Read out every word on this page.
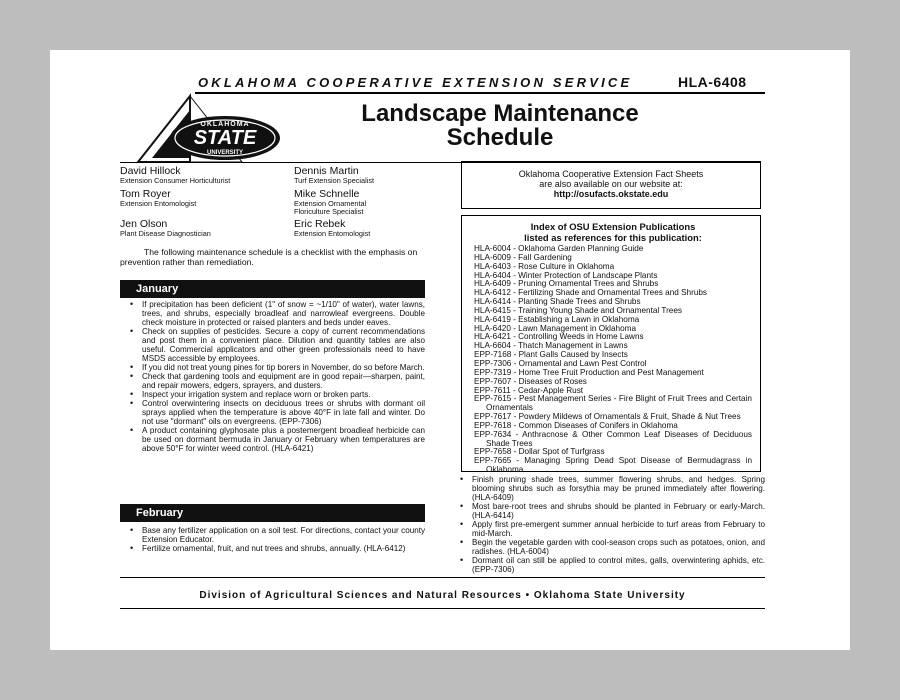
OKLAHOMA COOPERATIVE EXTENSION SERVICE	HLA-6408
OKLAHOMA
STATE
UNIVERSITY
Landscape Maintenance
Schedule
David Hillock
Extension Consumer Horticulturist
Tom Royer
Extension Entomologist
Jen Olson
Plant Disease Diagnostician
Dennis Martin
Turf Extension Specialist
Mike Schnelle
Extension Ornamental
Floriculture Specialist
Eric Rebek
Extension Entomologist
Oklahoma Cooperative Extension Fact Sheets
are also available on our website at:
http://osufacts.okstate.edu
Index of OSU Extension Publications
listed as references for this publication:
HLA-6004 - Oklahoma Garden Planning Guide
HLA-6009 - Fall Gardening
HLA-6403 - Rose Culture in Oklahoma
HLA-6404 - Winter Protection of Landscape Plants
HLA-6409 - Pruning Ornamental Trees and Shrubs
HLA-6412 - Fertilizing Shade and Ornamental Trees and Shrubs
HLA-6414 - Planting Shade Trees and Shrubs
HLA-6415 - Training Young Shade and Ornamental Trees
HLA-6419 - Establishing a Lawn in Oklahoma
HLA-6420 - Lawn Management in Oklahoma
HLA-6421 - Controlling Weeds in Home Lawns
HLA-6604 - Thatch Management in Lawns
EPP-7168 - Plant Galls Caused by Insects
EPP-7306 - Ornamental and Lawn Pest Control
EPP-7319 - Home Tree Fruit Production and Pest Management
EPP-7607 - Diseases of Roses
EPP-7611 - Cedar-Apple Rust
EPP-7615 - Pest Management Series - Fire Blight of Fruit Trees and Certain Ornamentals
EPP-7617 - Powdery Mildews of Ornamentals & Fruit, Shade & Nut Trees
EPP-7618 - Common Diseases of Conifers in Oklahoma
EPP-7634 - Anthracnose & Other Common Leaf Diseases of Deciduous Shade Trees
EPP-7658 - Dollar Spot of Turfgrass
EPP-7665 - Managing Spring Dead Spot Disease of Bermudagrass in Oklahoma
The following maintenance schedule is a checklist with the emphasis on prevention rather than remediation.
January
• If precipitation has been deficient (1" of snow = ~1/10" of water), water lawns, trees, and shrubs, especially broadleaf and narrowleaf evergreens. Double check moisture in protected or raised planters and beds under eaves.
• Check on supplies of pesticides. Secure a copy of current recommendations and post them in a convenient place. Dilution and quantity tables are also useful. Commercial applicators and other green professionals need to have MSDS accessible by employees.
• If you did not treat young pines for tip borers in November, do so before March.
• Check that gardening tools and equipment are in good repair—sharpen, paint, and repair mowers, edgers, sprayers, and dusters.
• Inspect your irrigation system and replace worn or broken parts.
• Control overwintering insects on deciduous trees or shrubs with dormant oil sprays applied when the temperature is above 40°F in late fall and winter. Do not use "dormant" oils on evergreens. (EPP-7306)
• A product containing glyphosate plus a postemergent broadleaf herbicide can be used on dormant bermuda in January or February when temperatures are above 50°F for winter weed control. (HLA-6421)
February
• Base any fertilizer application on a soil test. For directions, contact your county Extension Educator.
• Fertilize ornamental, fruit, and nut trees and shrubs, annually. (HLA-6412)
• Finish pruning shade trees, summer flowering shrubs, and hedges. Spring blooming shrubs such as forsythia may be pruned immediately after flowering. (HLA-6409)
• Most bare-root trees and shrubs should be planted in February or early-March. (HLA-6414)
• Apply first pre-emergent summer annual herbicide to turf areas from February to mid-March.
• Begin the vegetable garden with cool-season crops such as potatoes, onion, and radishes. (HLA-6004)
• Dormant oil can still be applied to control mites, galls, overwintering aphids, etc. (EPP-7306)
Division of Agricultural Sciences and Natural Resources • Oklahoma State University
